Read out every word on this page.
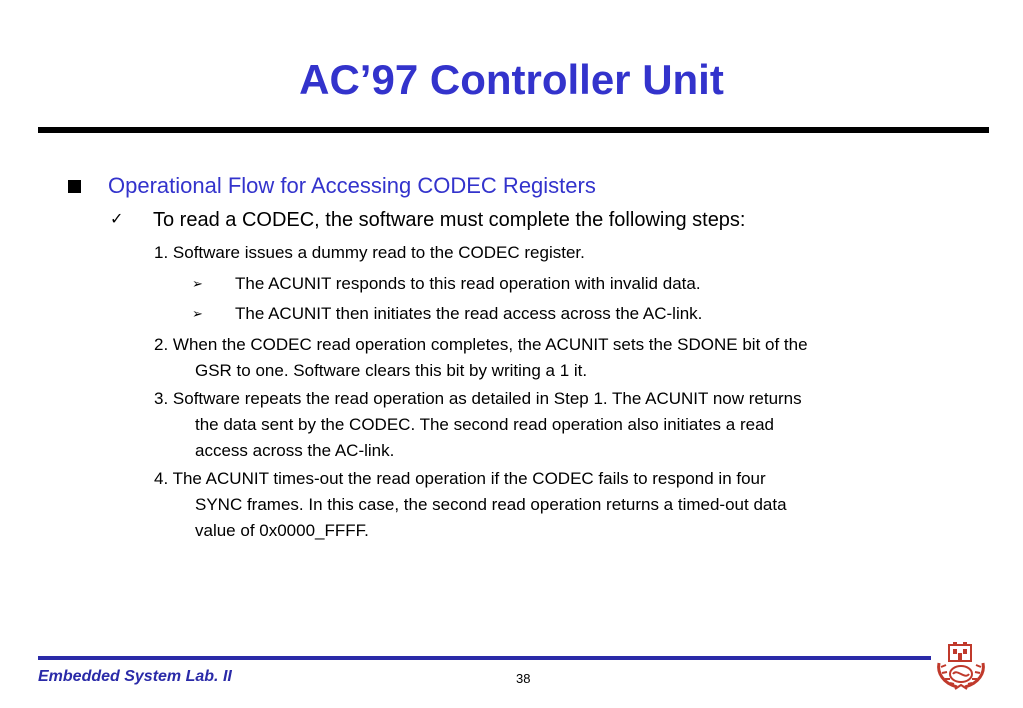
AC’97 Controller Unit
Operational Flow for Accessing CODEC Registers
✓ To read a CODEC, the software must complete the following steps:
1. Software issues a dummy read to the CODEC register.
➢ The ACUNIT responds to this read operation with invalid data.
➢ The ACUNIT then initiates the read access across the AC-link.
2. When the CODEC read operation completes, the ACUNIT sets the SDONE bit of the
GSR to one. Software clears this bit by writing a 1 it.
3. Software repeats the read operation as detailed in Step 1. The ACUNIT now returns
the data sent by the CODEC. The second read operation also initiates a read
access across the AC-link.
4. The ACUNIT times-out the read operation if the CODEC fails to respond in four
SYNC frames. In this case, the second read operation returns a timed-out data
value of 0x0000_FFFF.
Embedded System Lab. II	38
